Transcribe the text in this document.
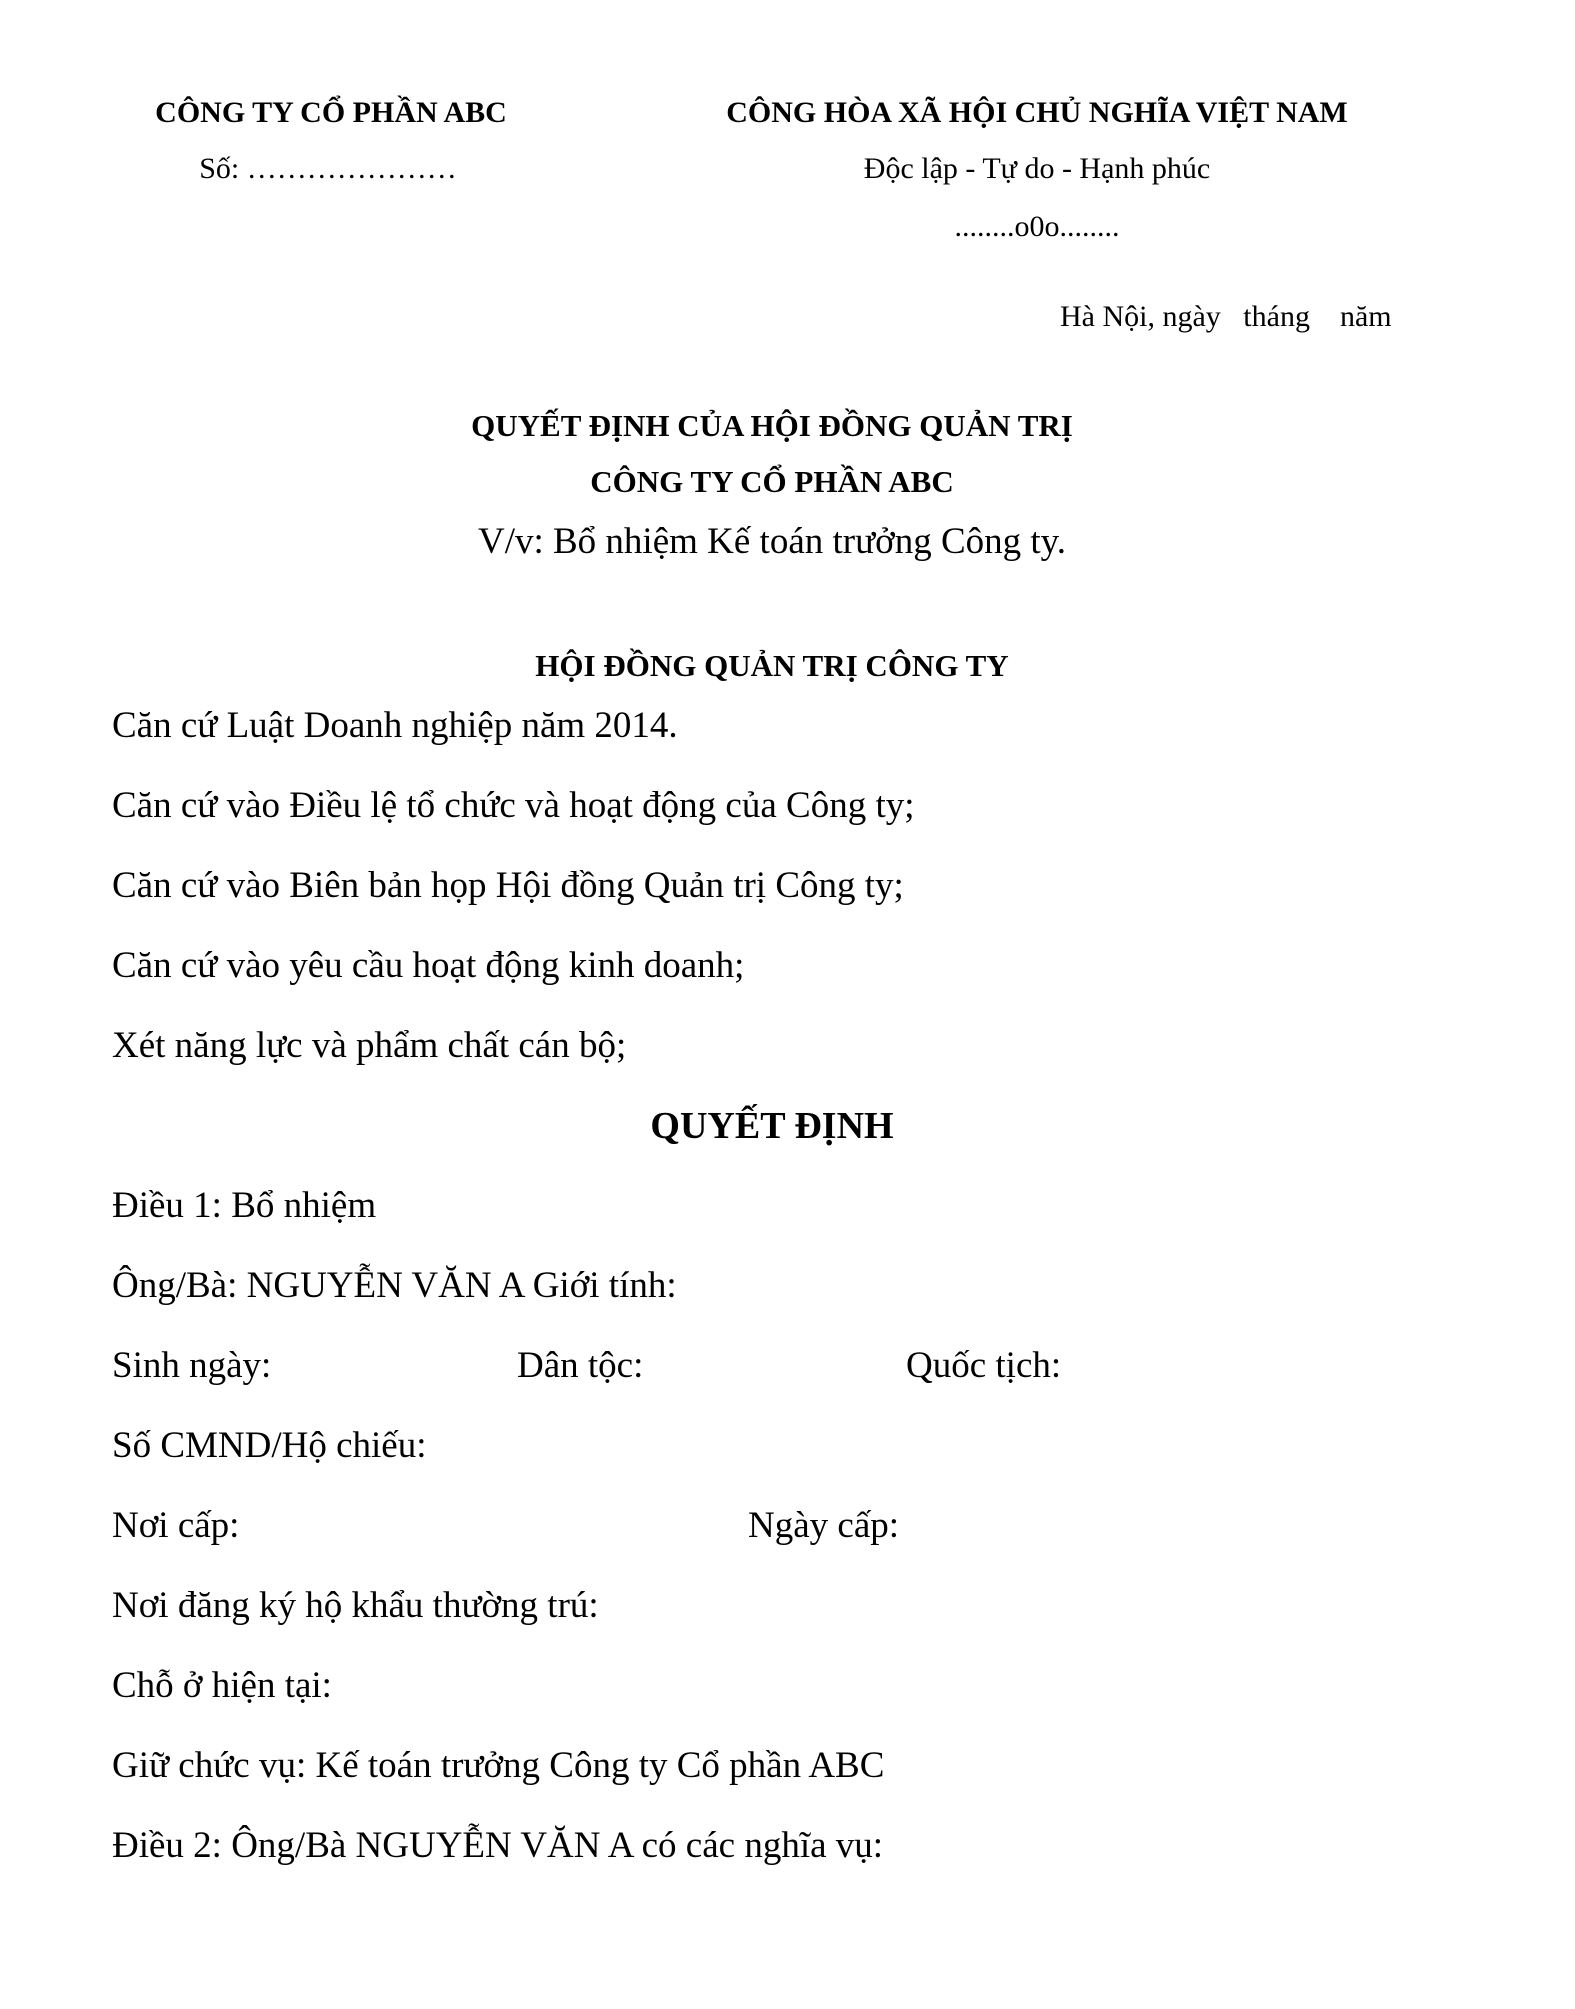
CÔNG TY CỔ PHẦN ABC
Số: …………………
CÔNG HÒA XÃ HỘI CHỦ NGHĨA VIỆT NAM
Độc lập - Tự do - Hạnh phúc
........o0o........
Hà Nội, ngày   tháng    năm
QUYẾT ĐỊNH CỦA HỘI ĐỒNG QUẢN TRỊ
CÔNG TY CỔ PHẦN ABC
V/v: Bổ nhiệm Kế toán trưởng Công ty.
HỘI ĐỒNG QUẢN TRỊ CÔNG TY
Căn cứ Luật Doanh nghiệp năm 2014.
Căn cứ vào Điều lệ tổ chức và hoạt động của Công ty;
Căn cứ vào Biên bản họp Hội đồng Quản trị Công ty;
Căn cứ vào yêu cầu hoạt động kinh doanh;
Xét năng lực và phẩm chất cán bộ;
QUYẾT ĐỊNH
Điều 1: Bổ nhiệm
Ông/Bà: NGUYỄN VĂN A Giới tính:
Sinh ngày:	Dân tộc:	Quốc tịch:
Số CMND/Hộ chiếu:
Nơi cấp:	Ngày cấp:
Nơi đăng ký hộ khẩu thường trú:
Chỗ ở hiện tại:
Giữ chức vụ: Kế toán trưởng Công ty Cổ phần ABC
Điều 2: Ông/Bà NGUYỄN VĂN A có các nghĩa vụ:
